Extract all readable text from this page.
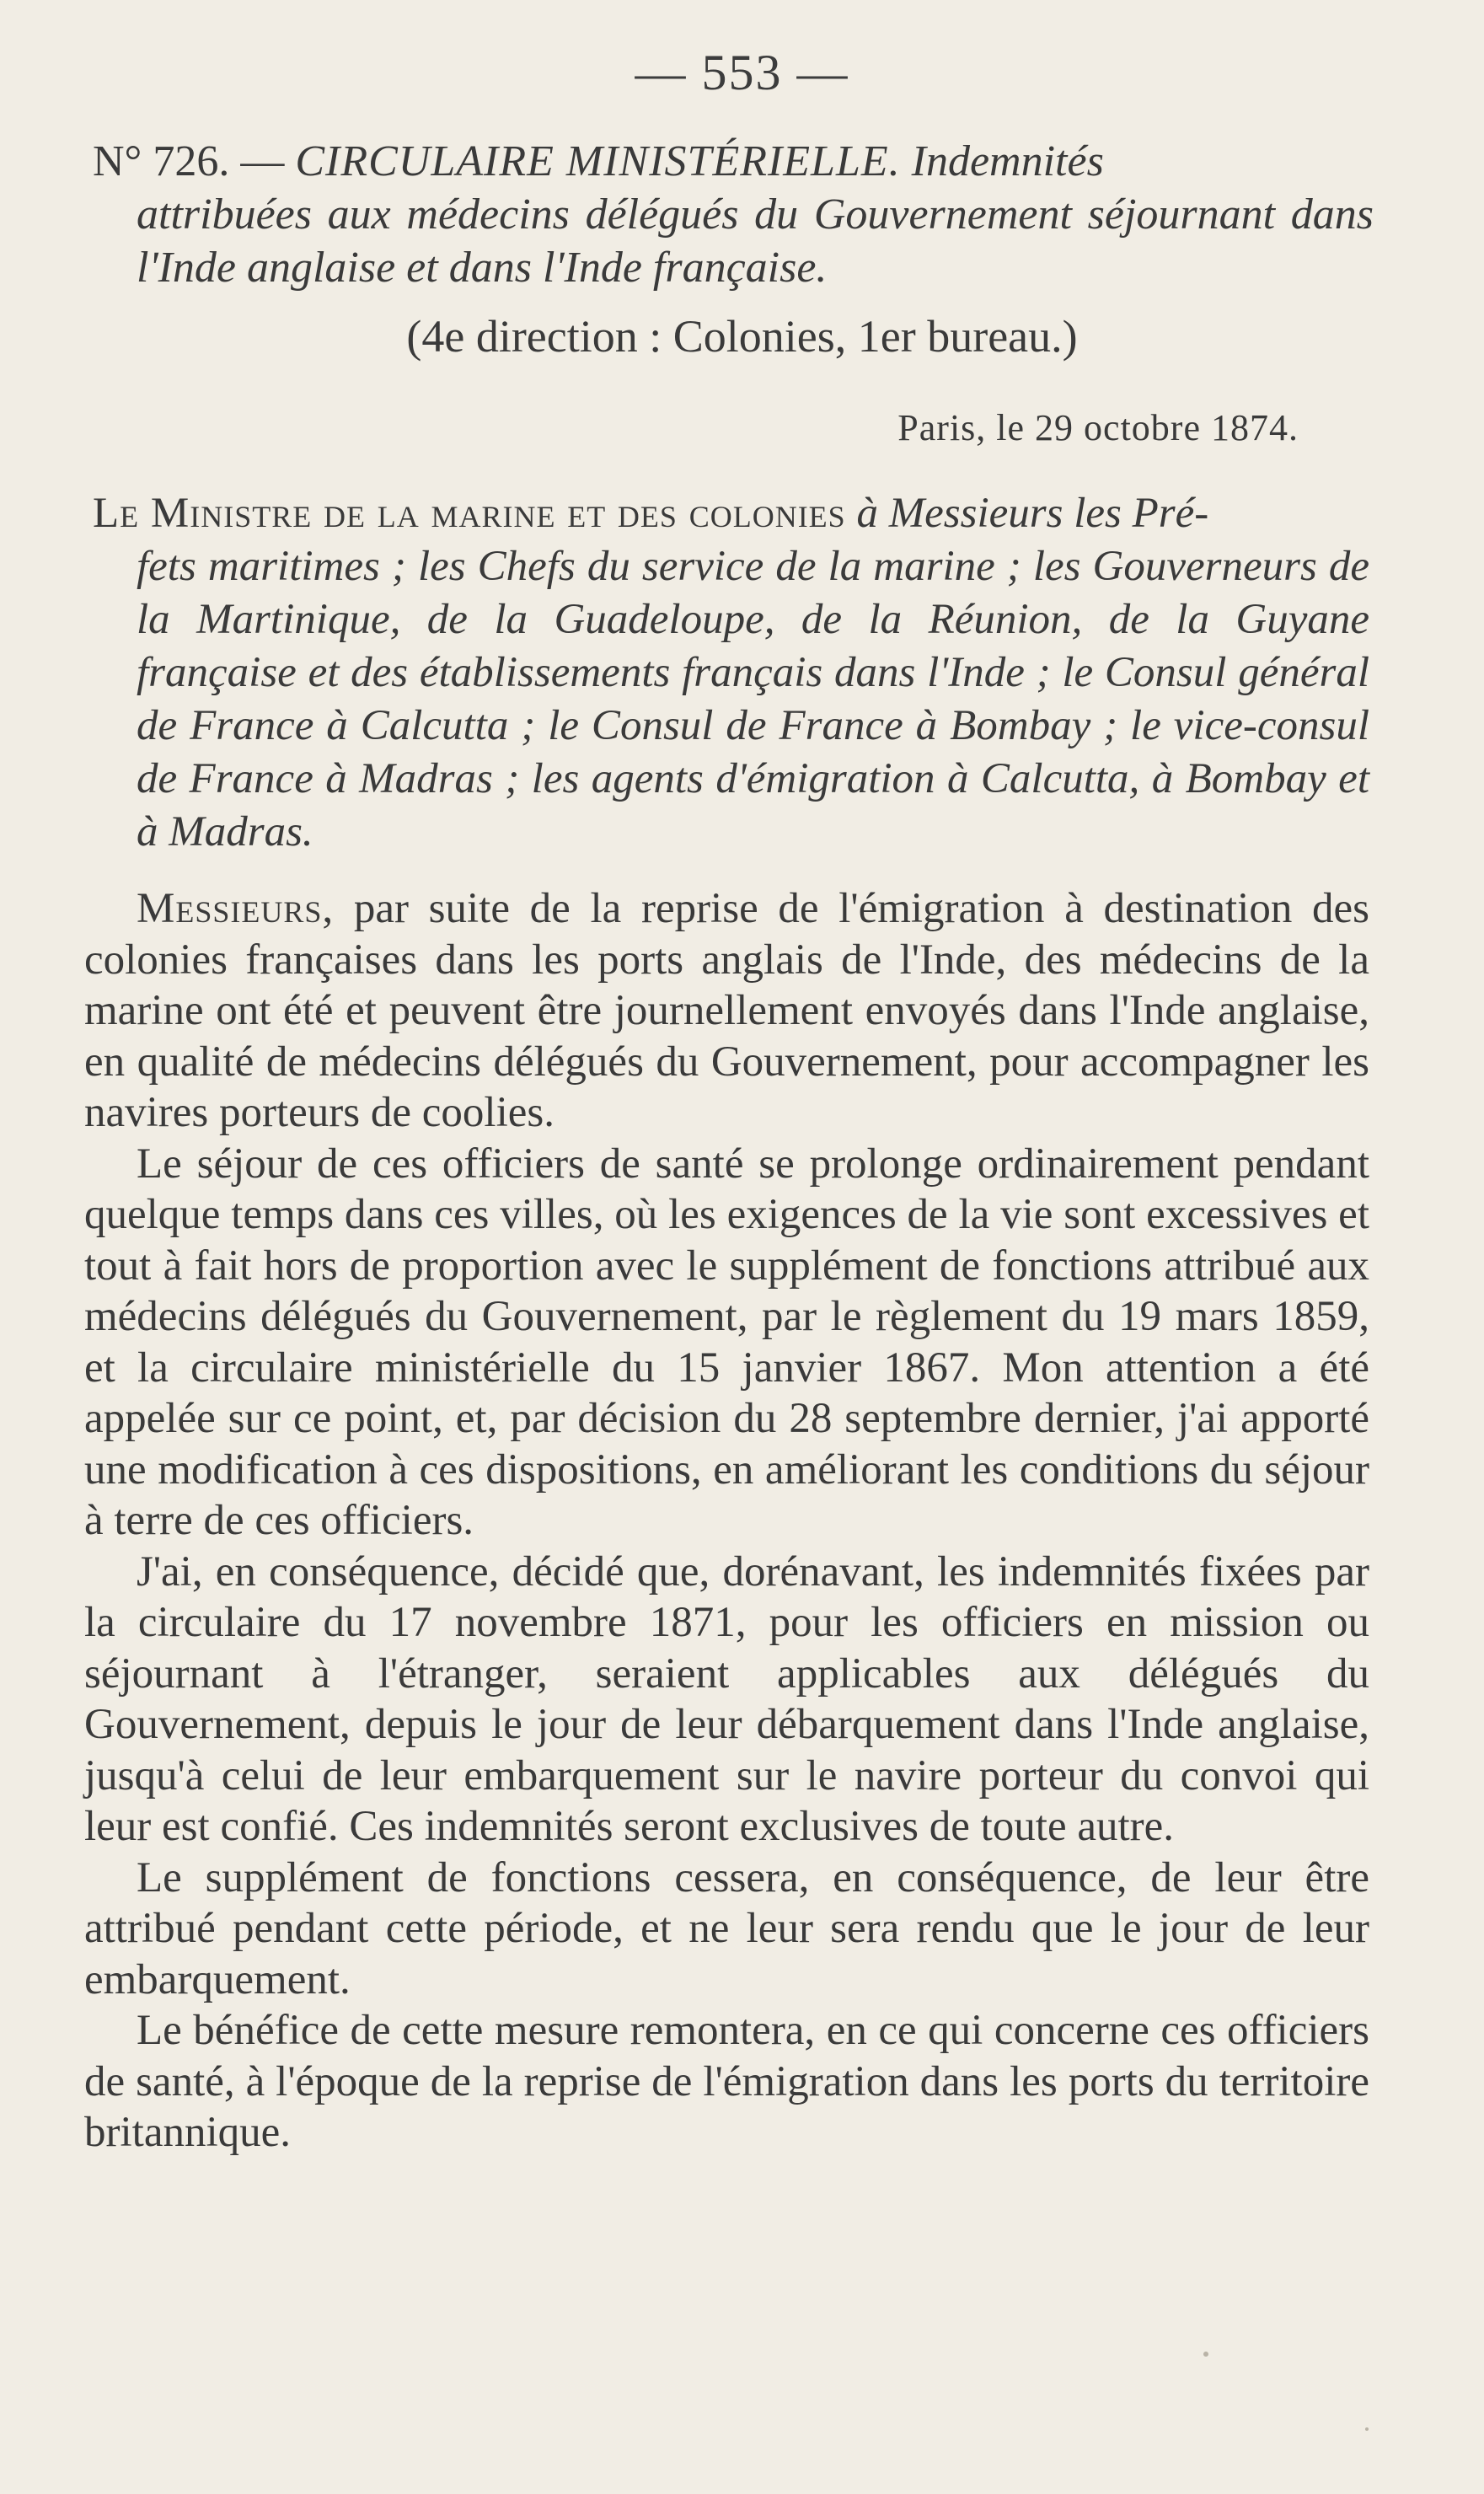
— 553 —
N° 726. — CIRCULAIRE MINISTÉRIELLE. Indemnités
attribuées aux médecins délégués du Gouvernement séjournant dans l'Inde anglaise et dans l'Inde française.
(4e direction : Colonies, 1er bureau.)
Paris, le 29 octobre 1874.
Le Ministre de la marine et des colonies à Messieurs les Pré-
fets maritimes ; les Chefs du service de la marine ; les Gouverneurs de la Martinique, de la Guadeloupe, de la Réunion, de la Guyane française et des établissements français dans l'Inde ; le Consul général de France à Calcutta ; le Consul de France à Bombay ; le vice-consul de France à Madras ; les agents d'émigration à Calcutta, à Bombay et à Madras.

Messieurs, par suite de la reprise de l'émigration à destination des colonies françaises dans les ports anglais de l'Inde, des médecins de la marine ont été et peuvent être journellement envoyés dans l'Inde anglaise, en qualité de médecins délégués du Gouvernement, pour accompagner les navires porteurs de coolies.

Le séjour de ces officiers de santé se prolonge ordinairement pendant quelque temps dans ces villes, où les exigences de la vie sont excessives et tout à fait hors de proportion avec le supplément de fonctions attribué aux médecins délégués du Gouvernement, par le règlement du 19 mars 1859, et la circulaire ministérielle du 15 janvier 1867. Mon attention a été appelée sur ce point, et, par décision du 28 septembre dernier, j'ai apporté une modification à ces dispositions, en améliorant les conditions du séjour à terre de ces officiers.

J'ai, en conséquence, décidé que, dorénavant, les indemnités fixées par la circulaire du 17 novembre 1871, pour les officiers en mission ou séjournant à l'étranger, seraient applicables aux délégués du Gouvernement, depuis le jour de leur débarquement dans l'Inde anglaise, jusqu'à celui de leur embarquement sur le navire porteur du convoi qui leur est confié. Ces indemnités seront exclusives de toute autre.

Le supplément de fonctions cessera, en conséquence, de leur être attribué pendant cette période, et ne leur sera rendu que le jour de leur embarquement.

Le bénéfice de cette mesure remontera, en ce qui concerne ces officiers de santé, à l'époque de la reprise de l'émigration dans les ports du territoire britannique.
